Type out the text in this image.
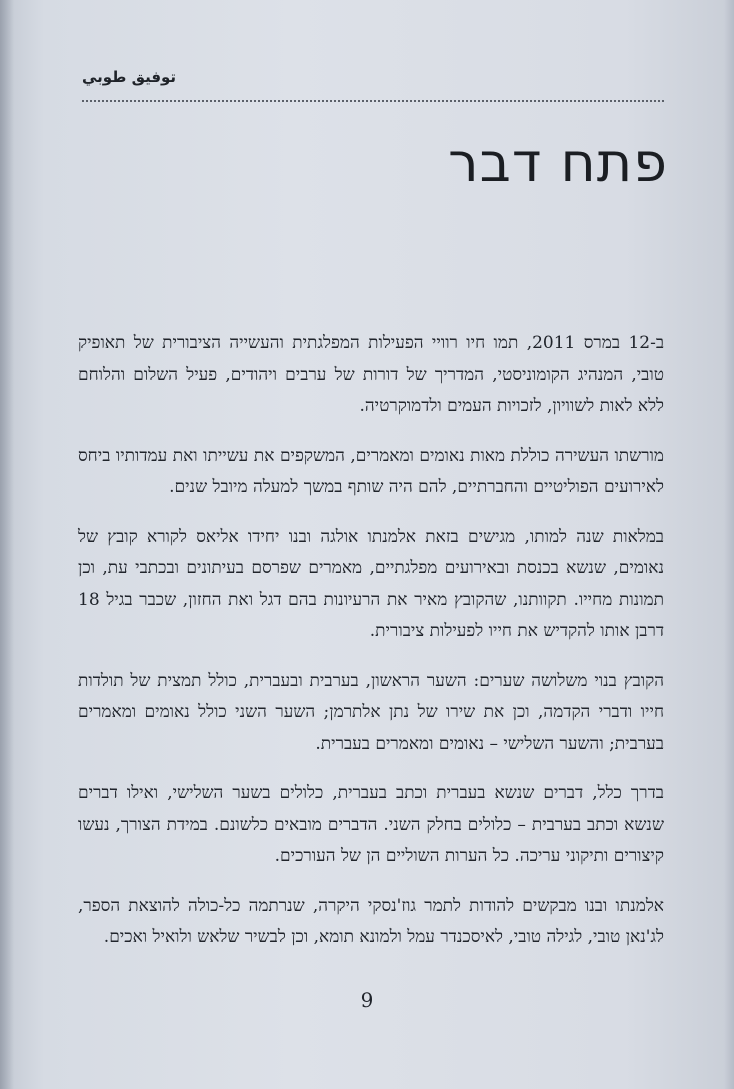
توفيق طوبي
פתח דבר

ב-12 במרס 2011, תמו חיו רוויי הפעילות המפלגתית והעשייה הציבורית של תאופיק טובי, המנהיג הקומוניסטי, המדריך של דורות של ערבים ויהודים, פעיל השלום והלוחם ללא לאות לשוויון, לזכויות העמים ולדמוקרטיה.

מורשתו העשירה כוללת מאות נאומים ומאמרים, המשקפים את עשייתו ואת עמדותיו ביחס לאירועים הפוליטיים והחברתיים, להם היה שותף במשך למעלה מיובל שנים.

במלאות שנה למותו, מגישים בזאת אלמנתו אולגה ובנו יחידו אליאס לקורא קובץ של נאומים, שנשא בכנסת ובאירועים מפלגתיים, מאמרים שפרסם בעיתונים ובכתבי עת, וכן תמונות מחייו. תקוותנו, שהקובץ מאיר את הרעיונות בהם דגל ואת החזון, שכבר בגיל 18 דרבן אותו להקדיש את חייו לפעילות ציבורית.

הקובץ בנוי משלושה שערים: השער הראשון, בערבית ובעברית, כולל תמצית של תולדות חייו ודברי הקדמה, וכן את שירו של נתן אלתרמן; השער השני כולל נאומים ומאמרים בערבית; והשער השלישי – נאומים ומאמרים בעברית.

בדרך כלל, דברים שנשא בעברית וכתב בעברית, כלולים בשער השלישי, ואילו דברים שנשא וכתב בערבית – כלולים בחלק השני. הדברים מובאים כלשונם. במידת הצורך, נעשו קיצורים ותיקוני עריכה. כל הערות השוליים הן של העורכים.

אלמנתו ובנו מבקשים להודות לתמר גוז'נסקי היקרה, שנרתמה כל-כולה להוצאת הספר, לג'נאן טובי, לגילה טובי, לאיסכנדר עמל ולמונא תומא, וכן לבשיר שלאש ולואיל ואכים.

9
